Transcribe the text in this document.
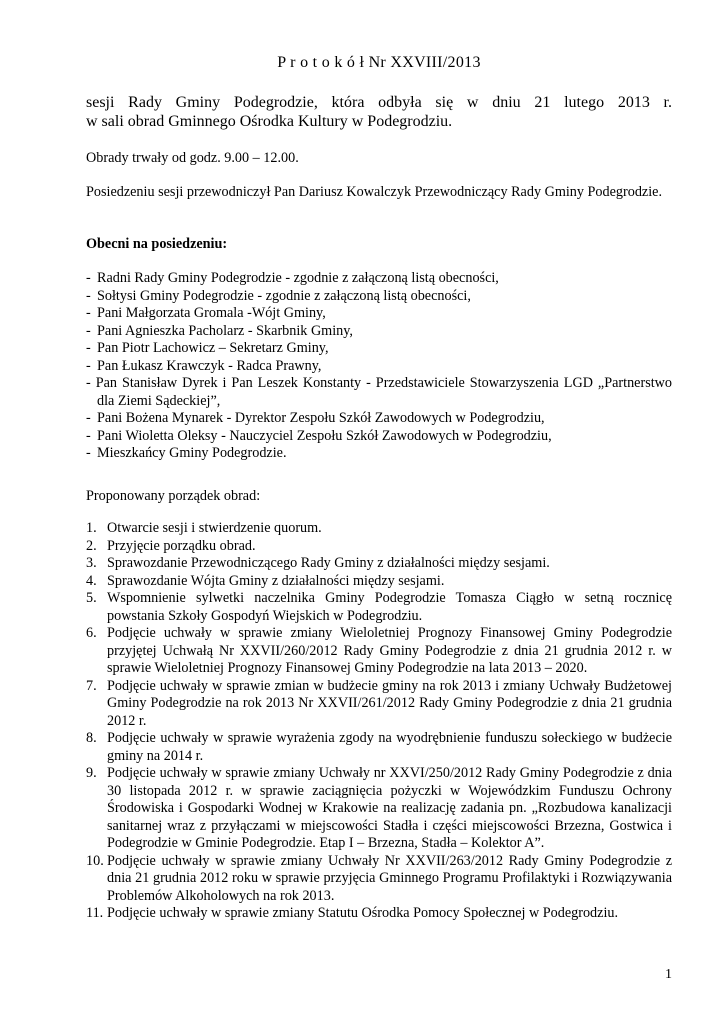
P r o t o k ó ł Nr XXVIII/2013
sesji Rady Gminy Podegrodzie, która odbyła się w dniu 21 lutego 2013 r.
w sali obrad Gminnego Ośrodka Kultury w Podegrodziu.
Obrady trwały od godz. 9.00 – 12.00.
Posiedzeniu sesji przewodniczył Pan Dariusz Kowalczyk Przewodniczący Rady Gminy Podegrodzie.
Obecni na posiedzeniu:
- Radni Rady Gminy Podegrodzie - zgodnie z załączoną listą obecności,
- Sołtysi Gminy Podegrodzie - zgodnie z załączoną listą obecności,
- Pani Małgorzata Gromala -Wójt Gminy,
- Pani Agnieszka Pacholarz - Skarbnik Gminy,
- Pan Piotr Lachowicz – Sekretarz Gminy,
- Pan Łukasz Krawczyk - Radca Prawny,
- Pan Stanisław Dyrek i Pan Leszek Konstanty - Przedstawiciele Stowarzyszenia LGD „Partnerstwo dla Ziemi Sądeckiej”,
- Pani Bożena Mynarek - Dyrektor Zespołu Szkół Zawodowych w Podegrodziu,
- Pani Wioletta Oleksy - Nauczyciel Zespołu Szkół Zawodowych w Podegrodziu,
- Mieszkańcy Gminy Podegrodzie.
Proponowany porządek obrad:
1. Otwarcie sesji i stwierdzenie quorum.
2. Przyjęcie porządku obrad.
3. Sprawozdanie Przewodniczącego Rady Gminy z działalności między sesjami.
4. Sprawozdanie Wójta Gminy z działalności między sesjami.
5. Wspomnienie sylwetki naczelnika Gminy Podegrodzie Tomasza Ciągło w setną rocznicę powstania Szkoły Gospodyń Wiejskich w Podegrodziu.
6. Podjęcie uchwały w sprawie zmiany Wieloletniej Prognozy Finansowej Gminy Podegrodzie przyjętej Uchwałą Nr XXVII/260/2012 Rady Gminy Podegrodzie z dnia 21 grudnia 2012 r. w sprawie Wieloletniej Prognozy Finansowej Gminy Podegrodzie na lata 2013 – 2020.
7. Podjęcie uchwały w sprawie zmian w budżecie gminy na rok 2013 i zmiany Uchwały Budżetowej Gminy Podegrodzie na rok 2013 Nr XXVII/261/2012 Rady Gminy Podegrodzie z dnia 21 grudnia 2012 r.
8. Podjęcie uchwały w sprawie wyrażenia zgody na wyodrębnienie funduszu sołeckiego w budżecie gminy na 2014 r.
9. Podjęcie uchwały w sprawie zmiany Uchwały nr XXVI/250/2012 Rady Gminy Podegrodzie z dnia 30 listopada 2012 r. w sprawie zaciągnięcia pożyczki w Wojewódzkim Funduszu Ochrony Środowiska i Gospodarki Wodnej w Krakowie na realizację zadania pn. „Rozbudowa kanalizacji sanitarnej wraz z przyłączami w miejscowości Stadła i części miejscowości Brzezna, Gostwica i Podegrodzie w Gminie Podegrodzie. Etap I – Brzezna, Stadła – Kolektor A”.
10. Podjęcie uchwały w sprawie zmiany Uchwały Nr XXVII/263/2012 Rady Gminy Podegrodzie z dnia 21 grudnia 2012 roku w sprawie przyjęcia Gminnego Programu Profilaktyki i Rozwiązywania Problemów Alkoholowych na rok 2013.
11. Podjęcie uchwały w sprawie zmiany Statutu Ośrodka Pomocy Społecznej w Podegrodziu.
1
